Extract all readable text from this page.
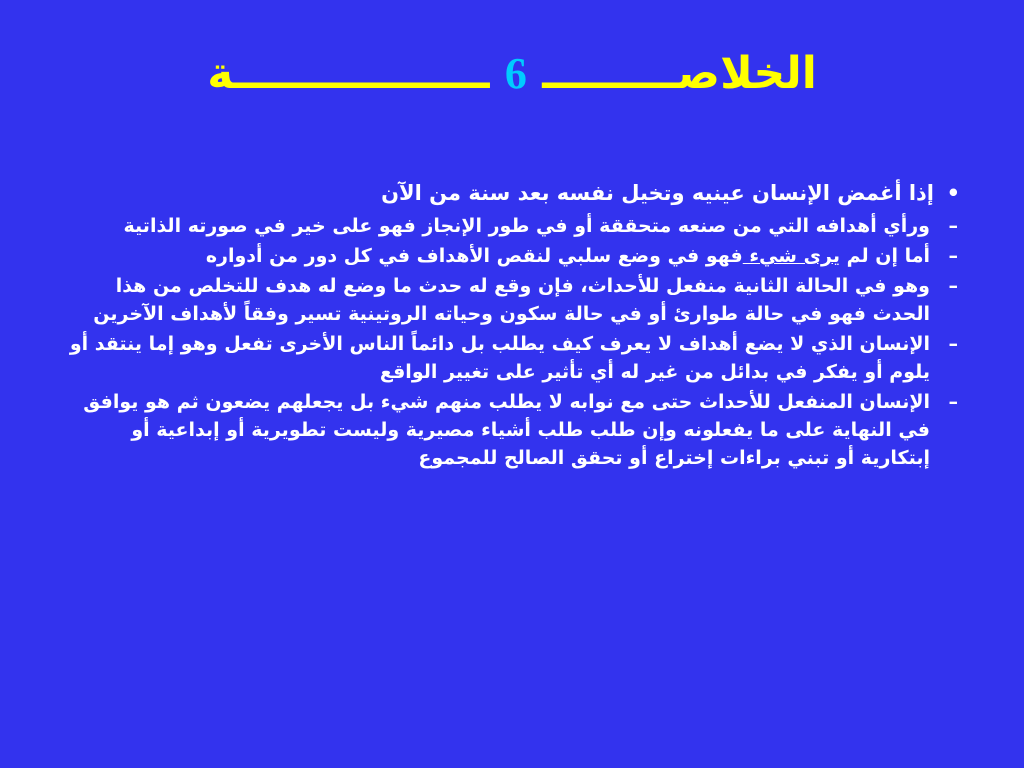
الخلاصـــــــــ 6 ـــــــــــــــــة
•
إذا أغمض الإنسان عينيه وتخيل نفسه بعد سنة من الآن
–
ورأي أهدافه التي من صنعه متحققة أو في طور الإنجاز فهو على خير في صورته الذاتية
–
أما إن لم يرى شيء فهو في وضع سلبي لنقص الأهداف في كل دور من أدواره
–
وهو في الحالة الثانية منفعل للأحداث، فإن وقع له حدث ما وضع له هدف للتخلص من هذا الحدث فهو في حالة طوارئ أو في حالة سكون وحياته الروتينية تسير وفقاً لأهداف الآخرين
–
الإنسان الذي لا يضع أهداف لا يعرف كيف يطلب بل دائماً الناس الأخرى تفعل وهو إما ينتقد أو يلوم أو يفكر في بدائل من غير له أي تأثير على تغيير الواقع
–
الإنسان المنفعل للأحداث حتى مع نوابه لا يطلب منهم شيء بل يجعلهم يضعون ثم هو يوافق في النهاية على ما يفعلونه وإن طلب طلب أشياء مصيرية وليست تطويرية أو إبداعية أو إبتكارية أو تبني براءات إختراع أو تحقق الصالح للمجموع
